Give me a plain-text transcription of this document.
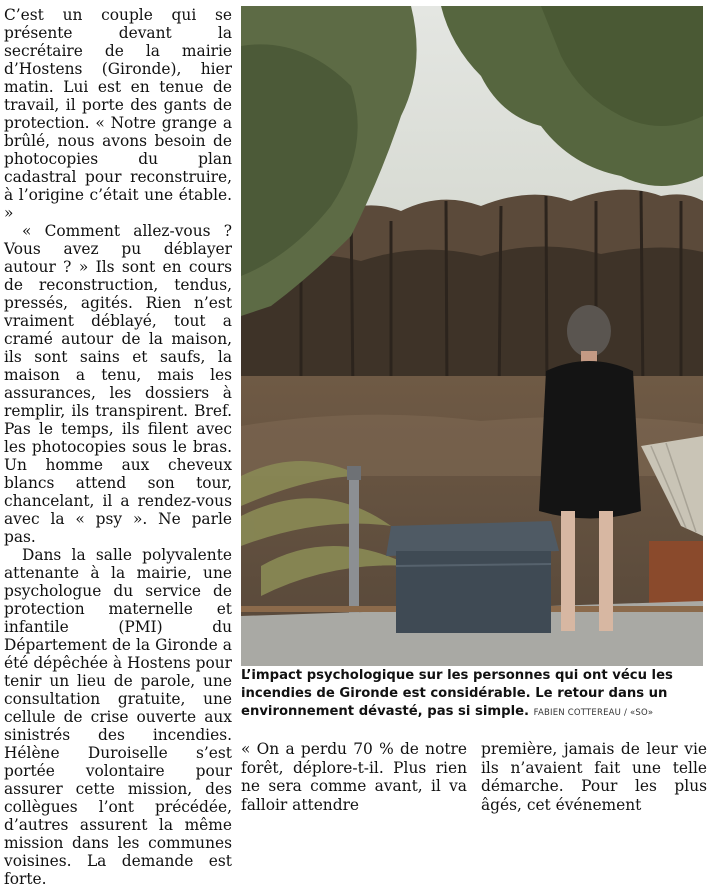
C’est un couple qui se présente devant la secrétaire de la mairie d’Hostens (Gironde), hier matin. Lui est en tenue de travail, il porte des gants de protection. « Notre grange a brûlé, nous avons besoin de photocopies du plan cadastral pour reconstruire, à l’origine c’était une étable. »

« Comment allez-vous ? Vous avez pu déblayer autour ? » Ils sont en cours de reconstruction, tendus, pressés, agités. Rien n’est vraiment déblayé, tout a cramé autour de la maison, ils sont sains et saufs, la maison a tenu, mais les assurances, les dossiers à remplir, ils transpirent. Bref. Pas le temps, ils filent avec les photocopies sous le bras. Un homme aux cheveux blancs attend son tour, chancelant, il a rendez-vous avec la « psy ». Ne parle pas.

Dans la salle polyvalente attenante à la mairie, une psychologue du service de protection maternelle et infantile (PMI) du Département de la Gironde a été dépêchée à Hostens pour tenir un lieu de parole, une consultation gratuite, une cellule de crise ouverte aux sinistrés des incendies. Hélène Duroiselle s’est portée volontaire pour assurer cette mission, des collègues l’ont précédée, d’autres assurent la même mission dans les communes voisines. La demande est forte.

L’impact psychologique sur les personnes qui ont vécu les incendies de Gironde est considérable. Le retour dans un environnement dévasté, pas si simple. FABIEN COTTEREAU / «SO»

« On a perdu 70 % de notre forêt, déplore-t-il. Plus rien ne sera comme avant, il va falloir attendre

première, jamais de leur vie ils n’avaient fait une telle démarche. Pour les plus âgés, cet événement
